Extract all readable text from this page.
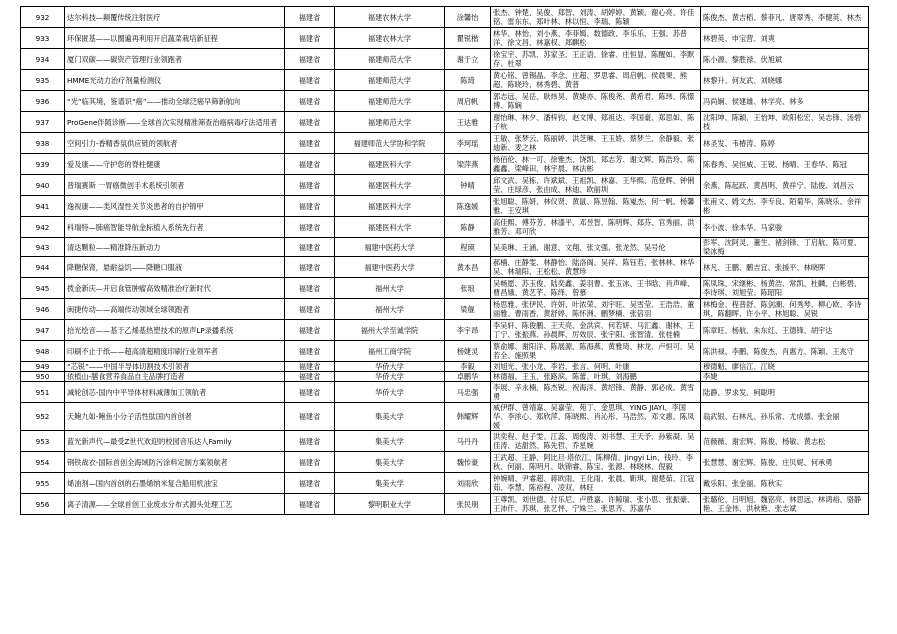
932	达尔科技—颠覆传统注射医疗	福建省	福建农林大学	涂馨怡	张杰、钟楚、吴俊、郑智、刘涛、胡婷婷、黄颖、谢心亮、许佳铭、雷东东、郑叶林、林以恒、李瑞、陈颖	陈俊杰、黄吉稻、蔡菲凡、唐翠秀、李健英、林杰
933	环保匿基——以圈遍再利用开启蔬菜栽培新征程	福建省	福建农林大学	瞿锐楷	林华、林怡、刘小燕、李菲嫣、数德政、李乐乐、王强、苏普洋、徐文昌、林嘉权、郑麒松	林碧英、申宝营、刘爽
934	厦门双碳——碳资产管理行业领跑者	福建省	福建师范大学	谢于立	徐宝宇、苏凯、苏家圣、王正语、徐睿、庄恒显、陈醒如、李默存、杜翠	陈小源、黎胜禄、伏旭斌
935	HMME光动力治疗剂量检测仪	福建省	福建师范大学	陈琦	黄心铭、曾锡晶、李念、庄超、罗思睿、周启帆、侯晨果、熊超、陈晓玲、林秀碧、黄普	林黎升、何友武、刘晓娜
936	“光”临其境，鉴谱识“癌”——推动全球泛癌早筛新航向	福建省	福建师范大学	周启帆	郭志远、吴岳、耿炜昊、黄婕亦、陈俊尧、黄希君、陈玮、陈憬博、陈娴	冯尚娴、侯建雄、林学亮、林多
937	ProGene伴随诊断——全球首次实现精准筛查治癌病毒疗法适用者	福建省	福建师范大学	王达雅	谢怡琳、林夕、潘梓钧、赵文博、郑祖达、李国豪、郑思如、陈子杭	沈阳坤、陈颖、王怡坤、欧阳松宏、吴志锋、汤碧枝
938	空间引力-香精香氛供应链的领航者	福建省	福建师范大学协和学院	李珂瑶	王敏、张梦云、陈丽婷、洪芝琳、王玉娇、蔡梦兰、余静毅、张迪新、麦之林	林圣发、韦椿涛、陈婷
939	爱及康——守护您的脊柱健康	福建省	福建医科大学	梁萍燕	杨佰伦、林一可、徐雅杰、饶凯、郑志芳、谢文辉、陈浩玲、陈鑫鑫、梁峰田、林宇晨、林法彬	陈春秀、吴恒威、王锐、杨晴、王春华、陈冠
940	普瑞赛斯 一胃癌微创手术系统引领者	福建省	福建医科大学	钟晴	邱文武、吴栋、许斌斌、王祖凯、林嘉、王华熙、范登辉、钟俐莹、庄绿彦、张由成、林迪、欧丽圳	余燕、陈起跃、黄昌明、黄祥宁、陆俊、刘昌云
941	逸视康——类风湿性关节炎患者的自护锦甲	福建省	福建医科大学	陈逸媛	张旭聪、陈妍、林仪贤、黄鼠、陈昱翰、陈嵬杰、何一帆、杨馨雅、王安琪	张甫文、姆文杰、李专良、陌菊华、陈晓乐、余祥彬
942	科瑞特—肺癌智能导航金标植入系统先行者	福建省	福建医科大学	陈静	高佳熙、傅芬芳、林漆平、邓昱智、陈明辉、郑芬、官秀丽、洪雅芳、邓可欣	李小波、徐本华、马家骏
943	清达颗粒——精准降压新动力	福建省	福建中医药大学	程瑛	吴美琳、王涵、谢意、文翔、张文强、张龙然、吴号伦	彭军、沈阿灵、董生、褚剑锋、丁启航、陈可夏、梁冰梅
944	降糖保肾，悬耐益饥——降糖口服液	福建省	福建中医药大学	黄本昌	郝楠、庄静雯、林静怡、陆洛阁、吴祥、陈钰若、张林林、林华吴、林瑞阳、王松松、黄慧珍	林凡、王鹏、鹏吉宜、张援平、林晓晖
945	拨金新庆—开启食管肿瘤高效精准治疗新时代	福建省	福州大学	张琅	吴畅愿、苏玉俊、陆奕鑫、姜羽曹、张玉冰、王书晗、肖声峰、曹昌娥、黄艺芊、陈绎、曾慕	陈凤珠、宋继彬、杨黄浩、常凯、杜麟、白彬碧、李诗琪、刘旭莹、陈昭阳
946	闽捷传动——高端传动领域全球领跑者	福建省	福州大学	梁舰	杨思雅、张伊民、许妍、叶浓荣、刘宇旺、吴雪莹、王浩浩、董丽雅、曹雨香、黄舒婷、陈怀洲、鹏梦楠、张倍羽	林梅金、程普舒、陈剑潮、何秀琴、柳心欧、李诗琪、陈翻晖、许小平、林旭聪、吴锐
947	拾光绘音——基于乙烯基热塑技术的原声LP录播系统	福建省	福州大学至诚学院	李宇昂	李吴轩、陈俊鹏、王天亮、金洪宾、何若妍、马汇鑫、谢林、王丁宁、张振燕、孙晨辉、厉效辰、张宇阳、张智清、张桂楠	陈章旺、杨航、朱东红、王德锋、胡宇达
948	印刷不止于纸——超高清超精度印刷行业领军者	福建省	福州工商学院	杨婕灵	蔡俞娜、谢阳洋、陈展源、陈海燕、黄雅琦、林龙、卢恒可、吴若全、施照果	陈洪禄、李鹏、陈俊杰、肖惠方、陈颖、王兆守
949	“芯锐”——中国半导体切割技术引领者	福建省	华侨大学	李毅	刘旭光、张小龙、李岩、张言、何明、叶康	穆德魁、廖信江、江晓
950	依植山-膳食营养食品自主品牌打造者	福建省	华侨大学	卓鹏华	林德福、王玉、张路滨、陈蕾、叶琪、刘海鹏	李婕
951	减轮创芯-国内中平导体材料减薄加工领航者	福建省	华侨大学	马忠强	李展、辛永楠、陈杰锐、祝海洋、黄绍锋、黄静、郭必成、黄雪勇	陆静、罗求发、柯聪明
952	天鲍九如-鲍鱼小分子活性肽国内首创者	福建省	集美大学	韩耀辉	威伊群、曾靖嘉、吴嘉莹、苑丁、金思琪、YING JIAYI、李国华、李浓心、郑欣萍、陈晓熙、肖沁彤、马浩然、邓文惠、陈凤媛	翁武银、石林凡、孙乐常、尤成德、张金丽
953	蓝光新声代—最受Z世代欢迎的校园音乐达人Family	福建省	集美大学	马丹丹	洪奕程、赵子雯、江蕊、周俊涛、刘书慧、王天予、孙紫凝、吴佳涛、达甜然、陈先哲、乔星婉	范薇薇、谢宏辉、陈俊、杨敏、黄志松
954	钢铁战衣-国际首创全海域防污涂料定制方案领航者	福建省	集美大学	魏传豪	王武超、王静、阿比旦·塔依江、陈柳倩、Jingyi Lin、钱玲、李秋、何丽、陈明月、耿锦睿、陈宝、张源、林晓林、倪毅	张慧慧、谢宏辉、陈俊、庄贝妮、何承勇
955	烯油剂—国内首创的石墨烯纳米复合船用机油宝	福建省	集美大学	刘雨欣	钟婉晴、尹睿超、蒋欧雨、王化雨、张晨、靳琪、谢楚茹、江寇茹、李慧、陈裕程、凌双、林旺	戴乐阳、张金丽、陈秋实
956	离子清源——全球首创工业废水分布式源头处理工艺	福建省	黎明职业大学	张民朋	王尊凯、刘世德、付乐尼、卢胜嘉、许鲸瑞、张小思、张振豪、王沛仟、苏琪、张艺怦、宁姝兰、张思齐、苏嘉华	张璐伦、吕明旭、魏铭亮、林思远、林鸿裕、骆静艳、王金伟、洪秋艳、张志斌
